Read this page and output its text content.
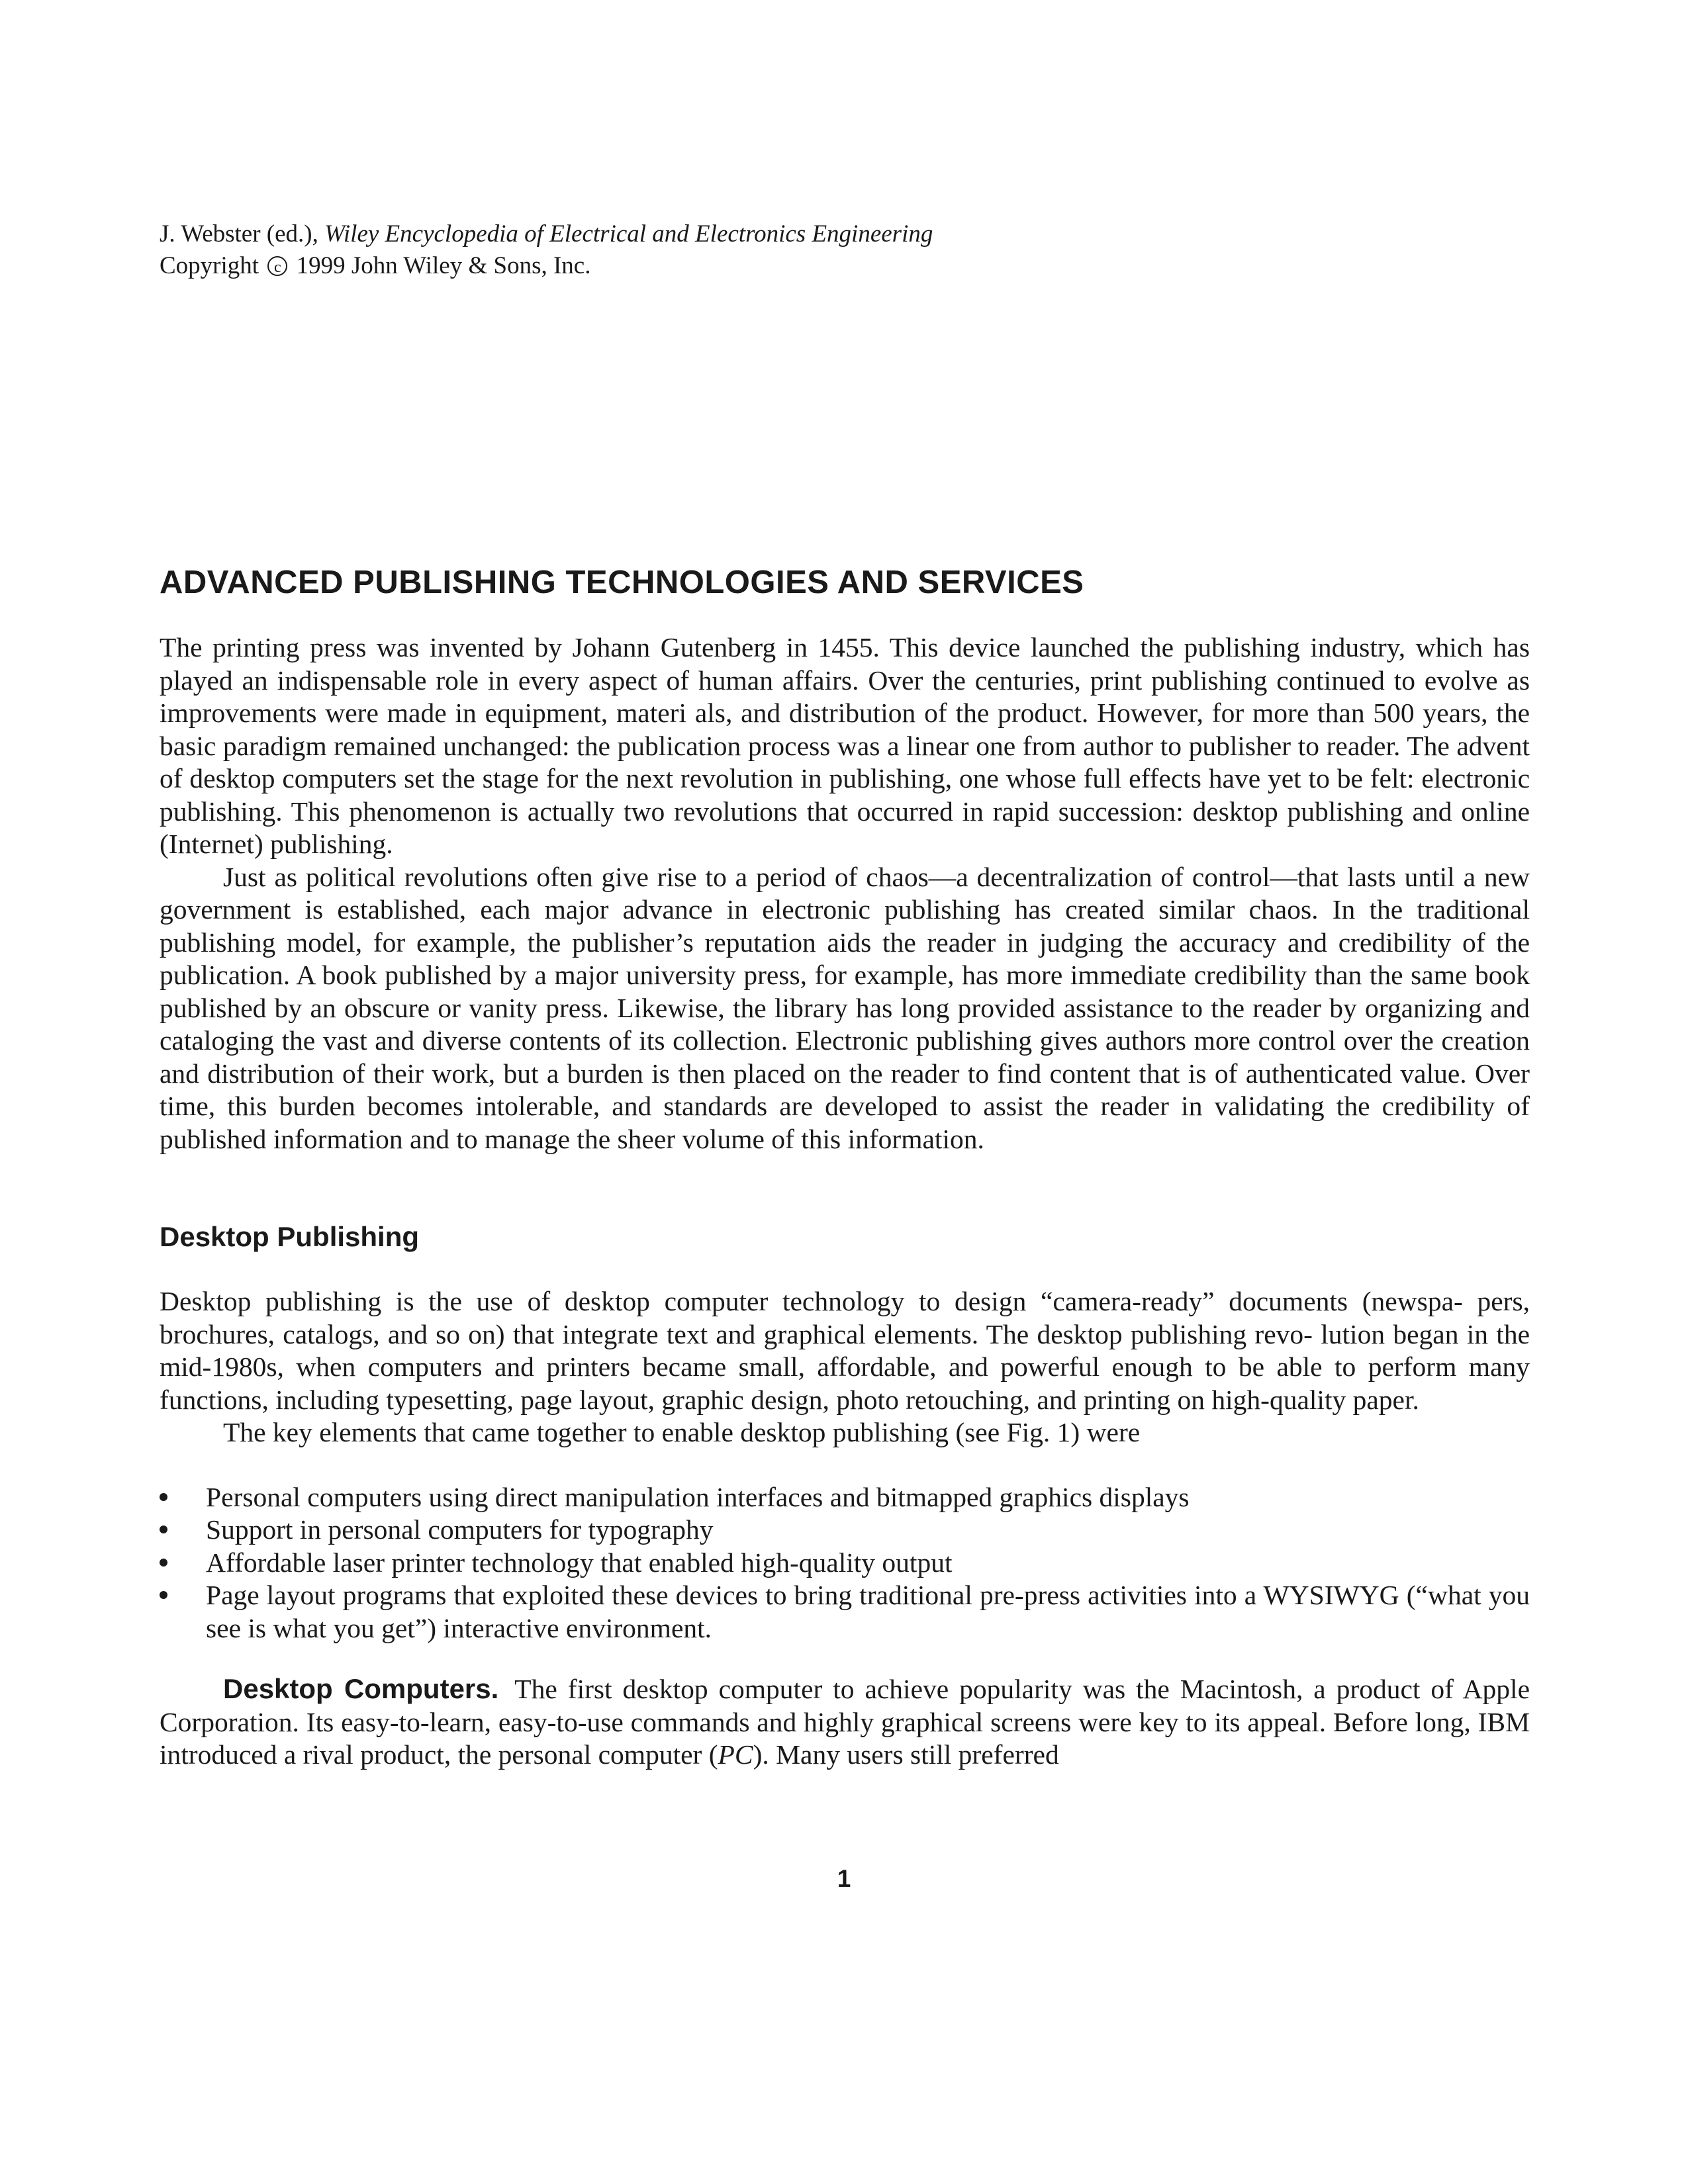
J. Webster (ed.), Wiley Encyclopedia of Electrical and Electronics Engineering
Copyright c 1999 John Wiley & Sons, Inc.
ADVANCED PUBLISHING TECHNOLOGIES AND SERVICES

The printing press was invented by Johann Gutenberg in 1455. This device launched the publishing industry, which has played an indispensable role in every aspect of human affairs. Over the centuries, print publishing continued to evolve as improvements were made in equipment, materi als, and distribution of the product. However, for more than 500 years, the basic paradigm remained unchanged: the publication process was a linear one from author to publisher to reader. The advent of desktop computers set the stage for the next revolution in publishing, one whose full effects have yet to be felt: electronic publishing. This phenomenon is actually two revolutions that occurred in rapid succession: desktop publishing and online (Internet) publishing.

Just as political revolutions often give rise to a period of chaos—a decentralization of control—that lasts until a new government is established, each major advance in electronic publishing has created similar chaos. In the traditional publishing model, for example, the publisher’s reputation aids the reader in judging the accuracy and credibility of the publication. A book published by a major university press, for example, has more immediate credibility than the same book published by an obscure or vanity press. Likewise, the library has long provided assistance to the reader by organizing and cataloging the vast and diverse contents of its collection. Electronic publishing gives authors more control over the creation and distribution of their work, but a burden is then placed on the reader to find content that is of authenticated value. Over time, this burden becomes intolerable, and standards are developed to assist the reader in validating the credibility of published information and to manage the sheer volume of this information.

Desktop Publishing

Desktop publishing is the use of desktop computer technology to design “camera-ready” documents (newspa- pers, brochures, catalogs, and so on) that integrate text and graphical elements. The desktop publishing revo- lution began in the mid-1980s, when computers and printers became small, affordable, and powerful enough to be able to perform many functions, including typesetting, page layout, graphic design, photo retouching, and printing on high-quality paper.

The key elements that came together to enable desktop publishing (see Fig. 1) were

Personal computers using direct manipulation interfaces and bitmapped graphics displays
Support in personal computers for typography
Affordable laser printer technology that enabled high-quality output
Page layout programs that exploited these devices to bring traditional pre-press activities into a WYSIWYG (“what you see is what you get”) interactive environment.

Desktop Computers. The first desktop computer to achieve popularity was the Macintosh, a product of Apple Corporation. Its easy-to-learn, easy-to-use commands and highly graphical screens were key to its appeal. Before long, IBM introduced a rival product, the personal computer (PC). Many users still preferred

1
